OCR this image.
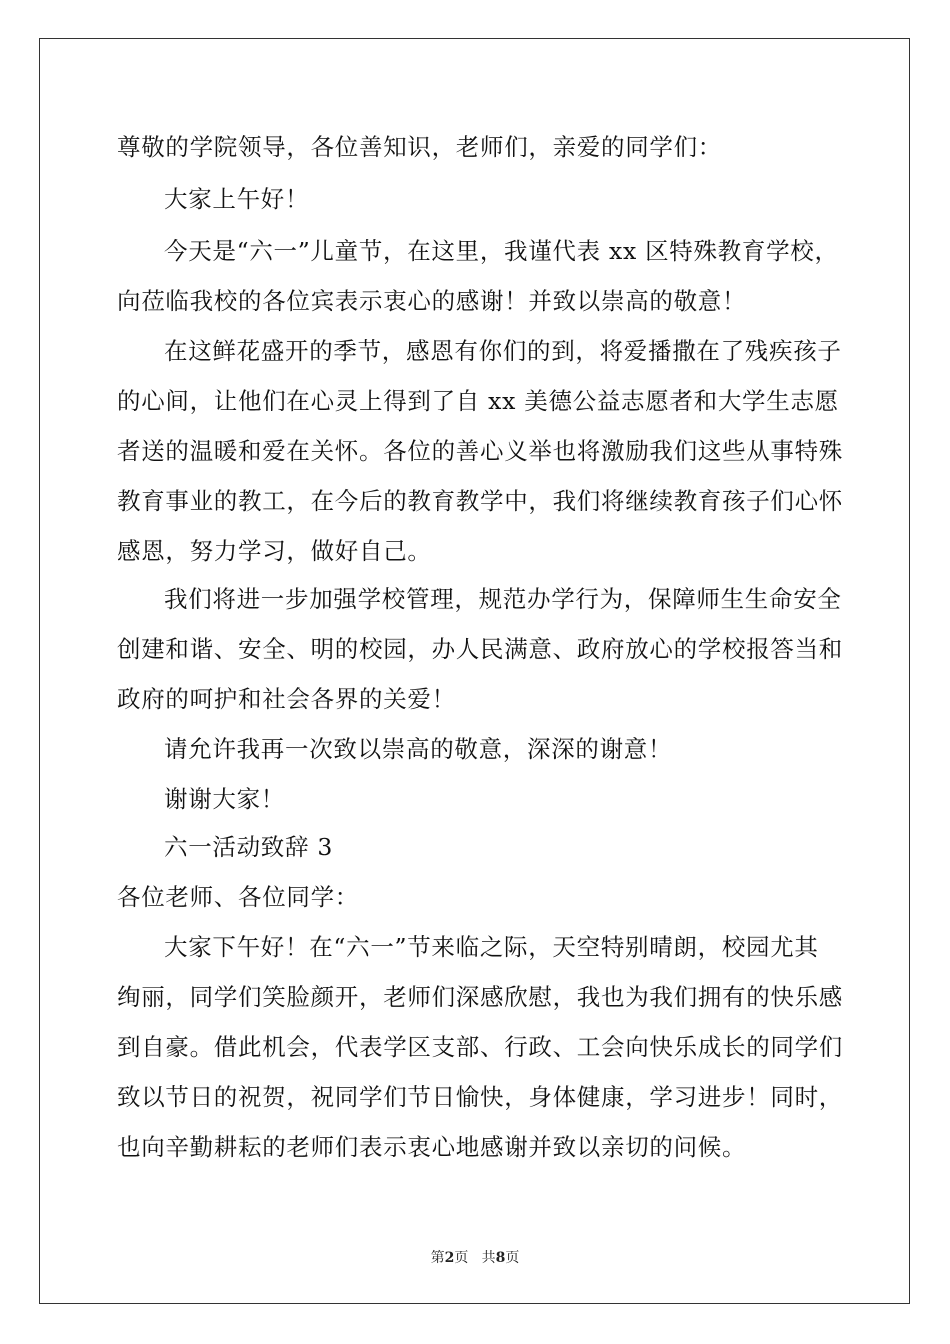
尊敬的学院领导，各位善知识，老师们，亲爱的同学们：
大家上午好！
今天是“六一”儿童节，在这里，我谨代表 xx 区特殊教育学校，
向莅临我校的各位宾表示衷心的感谢！并致以崇高的敬意！
在这鲜花盛开的季节，感恩有你们的到，将爱播撒在了残疾孩子
的心间，让他们在心灵上得到了自 xx 美德公益志愿者和大学生志愿
者送的温暖和爱在关怀。各位的善心义举也将激励我们这些从事特殊
教育事业的教工，在今后的教育教学中，我们将继续教育孩子们心怀
感恩，努力学习，做好自己。
我们将进一步加强学校管理，规范办学行为，保障师生生命安全
创建和谐、安全、明的校园，办人民满意、政府放心的学校报答当和
政府的呵护和社会各界的关爱！
请允许我再一次致以崇高的敬意，深深的谢意！
谢谢大家！
六一活动致辞 3
各位老师、各位同学：
大家下午好！在“六一”节来临之际，天空特别晴朗，校园尤其
绚丽，同学们笑脸颜开，老师们深感欣慰，我也为我们拥有的快乐感
到自豪。借此机会，代表学区支部、行政、工会向快乐成长的同学们
致以节日的祝贺，祝同学们节日愉快，身体健康，学习进步！同时，
也向辛勤耕耘的老师们表示衷心地感谢并致以亲切的问候。
第2页   共8页
